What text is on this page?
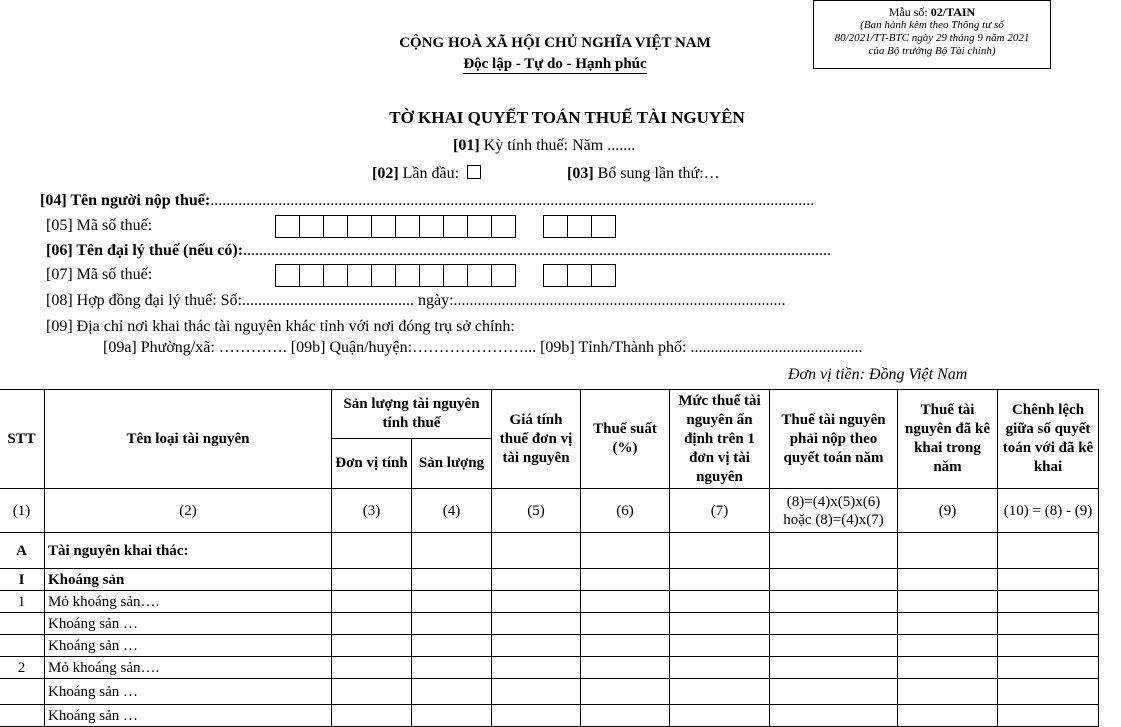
Mẫu số: 02/TAIN
(Ban hành kèm theo Thông tư số
80/2021/TT-BTC ngày 29 tháng 9 năm 2021
của Bộ trưởng Bộ Tài chính)
CỘNG HOÀ XÃ HỘI CHỦ NGHĨA VIỆT NAM
Độc lập - Tự do - Hạnh phúc
TỜ KHAI QUYẾT TOÁN THUẾ TÀI NGUYÊN
[01] Kỳ tính thuế: Năm .......
[02] Lần đầu:	[03] Bổ sung lần thứ:…
[04] Tên người nộp thuế:.......................................................................................................................................................
[05] Mã số thuế:
[06] Tên đại lý thuế (nếu có):...................................................................................................................................................
[07] Mã số thuế:
[08] Hợp đồng đại lý thuế: Số:........................................... ngày:...................................................................................
[09] Địa chỉ nơi khai thác tài nguyên khác tỉnh với nơi đóng trụ sở chính:
[09a] Phường/xã: …………. [09b] Quận/huyện:…………………... [09b] Tỉnh/Thành phố: ...........................................
Đơn vị tiền: Đồng Việt Nam
STT	Tên loại tài nguyên	Sản lượng tài nguyên tính thuế		Giá tính thuế đơn vị tài nguyên	Thuế suất (%)	Mức thuế tài nguyên ấn định trên 1 đơn vị tài nguyên	Thuế tài nguyên phải nộp theo quyết toán năm	Thuế tài nguyên đã kê khai trong năm	Chênh lệch giữa số quyết toán với đã kê khai
		Đơn vị tính	Sản lượng						
(1)	(2)	(3)	(4)	(5)	(6)	(7)	(8)=(4)x(5)x(6) hoặc (8)=(4)x(7)	(9)	(10) = (8) - (9)
A	Tài nguyên khai thác:								
I	Khoáng sản								
1	Mỏ khoáng sản….								
	Khoáng sản …								
	Khoáng sản …								
2	Mỏ khoáng sản….								
	Khoáng sản …								
	Khoáng sản …								
